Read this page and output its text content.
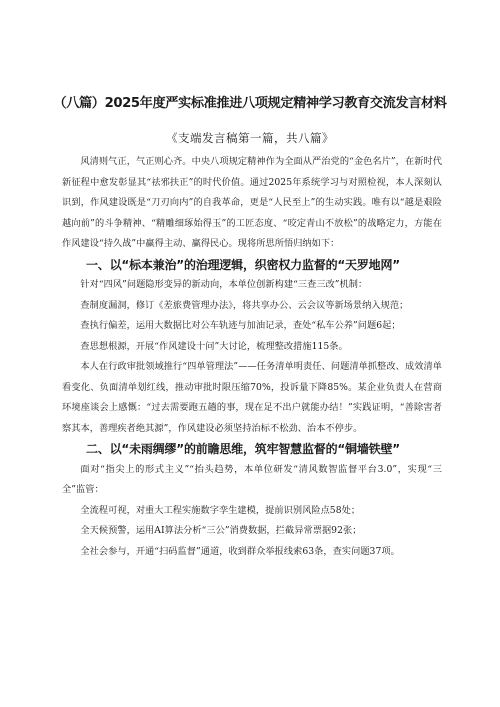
（八篇）2025年度严实标准推进八项规定精神学习教育交流发言材料
《支端发言稿第一篇，共八篇》

风清则气正，气正则心齐。中央八项规定精神作为全面从严治党的“金色名片”，在新时代新征程中愈发彰显其“祛邪扶正”的时代价值。通过2025年系统学习与对照检视，本人深刻认识到，作风建设既是“刀刃向内”的自我革命，更是“人民至上”的生动实践。唯有以“越是艰险越向前”的斗争精神、“精雕细琢始得玉”的工匠态度、“咬定青山不放松”的战略定力，方能在作风建设“持久战”中赢得主动、赢得民心。现将所思所悟归纳如下：

一、以“标本兼治”的治理逻辑，织密权力监督的“天罗地网”

针对“四风”问题隐形变异的新动向，本单位创新构建“三查三改”机制：

查制度漏洞，修订《差旅费管理办法》，将共享办公、云会议等新场景纳入规范；

查执行偏差，运用大数据比对公车轨迹与加油记录，查处“私车公养”问题6起；

查思想根源，开展“作风建设十问”大讨论，梳理整改措施115条。

本人在行政审批领域推行“四单管理法”——任务清单明责任、问题清单抓整改、成效清单看变化、负面清单划红线，推动审批时限压缩70%，投诉量下降85%。某企业负责人在营商环境座谈会上感慨：“过去需要跑五趟的事，现在足不出户就能办结！”实践证明，“善除害者察其本，善理疾者绝其源”，作风建设必须坚持治标不松劲、治本不停步。

二、以“未雨绸缪”的前瞻思维，筑牢智慧监督的“铜墙铁壁”

面对“指尖上的形式主义”“抬头趋势，本单位研发“清风数智监督平台3.0”，实现“三全”监管：

全流程可视，对重大工程实施数字孪生建模，提前识别风险点58处；

全天候预警，运用AI算法分析“三公”消费数据，拦截异常票据92张；

全社会参与，开通“扫码监督”通道，收到群众举报线索63条，查实问题37项。
